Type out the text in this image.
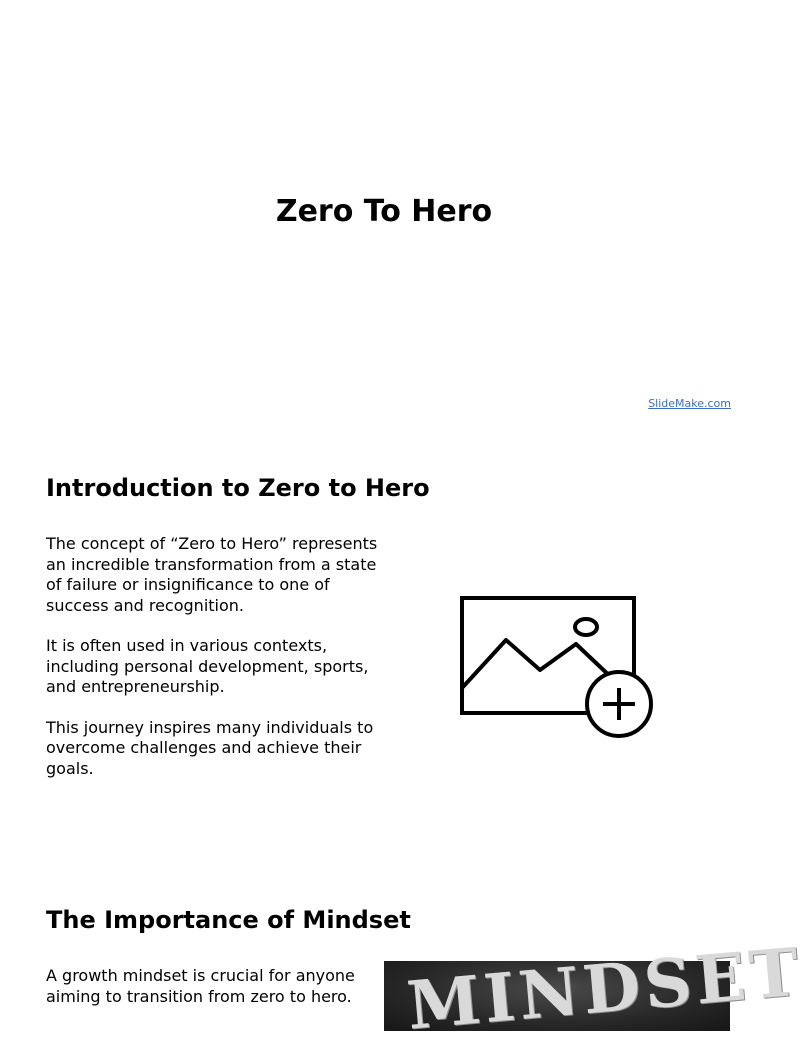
Zero To Hero
SlideMake.com
Introduction to Zero to Hero

The concept of “Zero to Hero” represents an incredible transformation from a state of failure or insignificance to one of success and recognition.

It is often used in various contexts, including personal development, sports, and entrepreneurship.

This journey inspires many individuals to overcome challenges and achieve their goals.

The Importance of Mindset

A growth mindset is crucial for anyone aiming to transition from zero to hero. MINDSET
